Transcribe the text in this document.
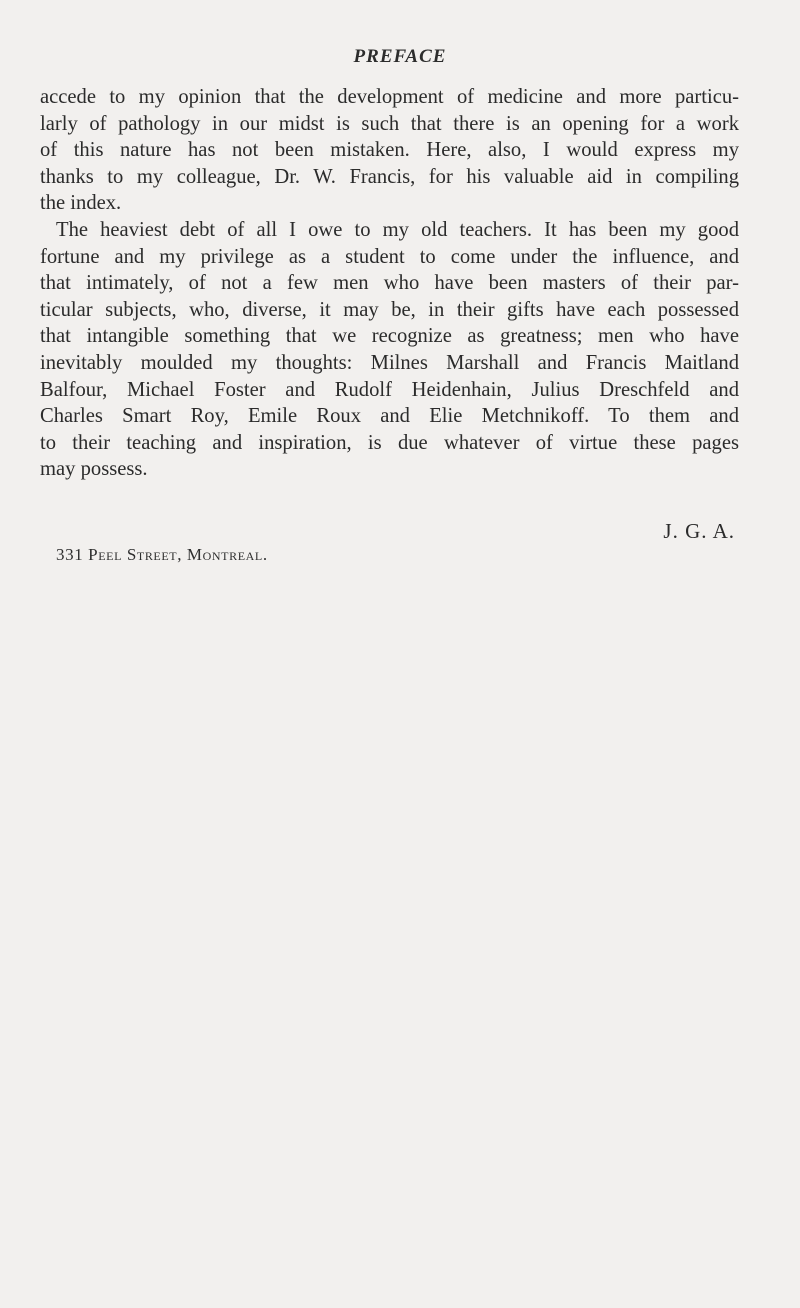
PREFACE
accede to my opinion that the development of medicine and more particu-
larly of pathology in our midst is such that there is an opening for a work
of this nature has not been mistaken. Here, also, I would express my
thanks to my colleague, Dr. W. Francis, for his valuable aid in compiling
the index.
The heaviest debt of all I owe to my old teachers. It has been my good
fortune and my privilege as a student to come under the influence, and
that intimately, of not a few men who have been masters of their par-
ticular subjects, who, diverse, it may be, in their gifts have each possessed
that intangible something that we recognize as greatness; men who have
inevitably moulded my thoughts: Milnes Marshall and Francis Maitland
Balfour, Michael Foster and Rudolf Heidenhain, Julius Dreschfeld and
Charles Smart Roy, Emile Roux and Elie Metchnikoff. To them and
to their teaching and inspiration, is due whatever of virtue these pages
may possess.
J. G. A.
331 Peel Street, Montreal.
